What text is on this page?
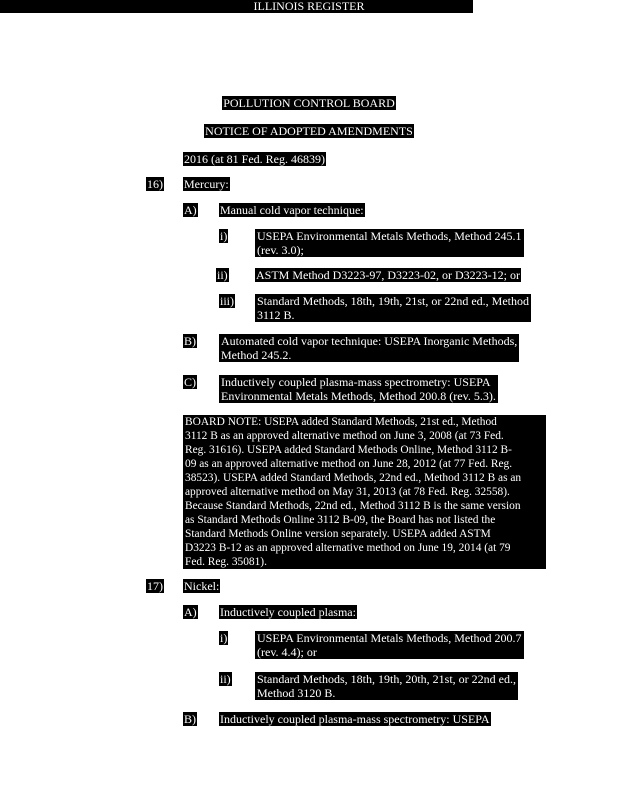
ILLINOIS REGISTER
POLLUTION CONTROL BOARD
NOTICE OF ADOPTED AMENDMENTS
2016 (at 81 Fed. Reg. 46839)
16) Mercury:
A) Manual cold vapor technique:
i) USEPA Environmental Metals Methods, Method 245.1
(rev. 3.0);
ii) ASTM Method D3223-97, D3223-02, or D3223-12; or
iii) Standard Methods, 18th, 19th, 21st, or 22nd ed., Method
3112 B.
B) Automated cold vapor technique: USEPA Inorganic Methods,
Method 245.2.
C) Inductively coupled plasma-mass spectrometry: USEPA
Environmental Metals Methods, Method 200.8 (rev. 5.3).
BOARD NOTE: USEPA added Standard Methods, 21st ed., Method
3112 B as an approved alternative method on June 3, 2008 (at 73 Fed.
Reg. 31616). USEPA added Standard Methods Online, Method 3112 B-
09 as an approved alternative method on June 28, 2012 (at 77 Fed. Reg.
38523). USEPA added Standard Methods, 22nd ed., Method 3112 B as an
approved alternative method on May 31, 2013 (at 78 Fed. Reg. 32558).
Because Standard Methods, 22nd ed., Method 3112 B is the same version
as Standard Methods Online 3112 B-09, the Board has not listed the
Standard Methods Online version separately. USEPA added ASTM
D3223 B-12 as an approved alternative method on June 19, 2014 (at 79
Fed. Reg. 35081).
17) Nickel:
A) Inductively coupled plasma:
i) USEPA Environmental Metals Methods, Method 200.7
(rev. 4.4); or
ii) Standard Methods, 18th, 19th, 20th, 21st, or 22nd ed.,
Method 3120 B.
B) Inductively coupled plasma-mass spectrometry: USEPA
